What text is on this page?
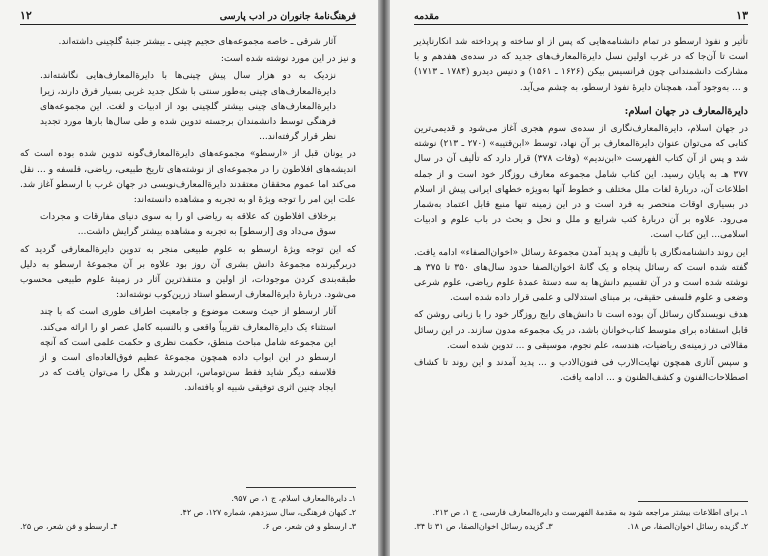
۱۲	فرهنگ‌نامهٔ جانوران در ادب پارسی

آثار شرقی ـ خاصه مجموعه‌های حجیم چینی ـ بیشتر جنبهٔ گلچینی داشته‌اند.

و نیز در این مورد نوشته شده است:

نزدیک به دو هزار سال پیش چینی‌ها با دایرةالمعارف‌هایی نگاشته‌اند. دایرةالمعارف‌های چینی به‌طور سنتی با شکل جدید غربی بسیار فرق دارند، زیرا دایرةالمعارف‌های چینی بیشتر گلچینی بود از ادبیات و لغت. این مجموعه‌های فرهنگی توسط دانشمندان برجسته تدوین شده و طی سال‌ها بارها مورد تجدید نظر قرار گرفته‌اند...

در یونان قبل از «ارسطو» مجموعه‌های دایرةالمعارف‌گونه تدوین شده بوده است که اندیشه‌های افلاطون را در مجموعه‌ای از نوشته‌های تاریخ طبیعی، ریاضی، فلسفه و ... نقل می‌کند اما عموم محققان معتقدند دایرةالمعارف‌نویسی در جهان غرب با ارسطو آغاز شد. علت این امر را توجه ویژهٔ او به تجربه و مشاهده دانسته‌اند:

برخلاف افلاطون که علاقه به ریاضی او را به سوی دنیای مفارقات و مجردات سوق می‌داد وی [ارسطو] به تجربه و مشاهده بیشتر گرایش داشت...

که این توجه ویژهٔ ارسطو به علوم طبیعی منجر به تدوین دایرةالمعارفی گردید که دربرگیرنده مجموعهٔ دانش بشری آن روز بود علاوه بر آن مجموعهٔ ارسطو به دلیل طبقه‌بندی کردن موجودات، از اولین و متنفذترین آثار در زمینهٔ علوم طبیعی محسوب می‌شود. دربارهٔ دایرةالمعارف ارسطو استاد زرین‌کوب نوشته‌اند:

آثار ارسطو از حیث وسعت موضوع و جامعیت اطراف طوری است که با چند استثناء یک دایرةالمعارف تقریباً واقعی و بالنسبه کامل عصر او را ارائه می‌کند. این مجموعه شامل مباحث منطق، حکمت نظری و حکمت علمی است که آنچه ارسطو در این ابواب داده همچون مجموعهٔ عظیم فوق‌العاده‌ای است و از فلاسفه دیگر شاید فقط سن‌توماس، ابن‌رشد و هگل را می‌توان یافت که در ایجاد چنین اثری توفیقی شبیه او یافته‌اند.

۱ـ دایرةالمعارف اسلام، ج ۱، ص ۹۵۷.
۲ـ کیهان فرهنگی، سال سیزدهم، شماره ۱۲۷، ص ۴۲.
۳ـ ارسطو و فن شعر، ص ۶.
۴ـ ارسطو و فن شعر، ص ۲۵.
مقدمه	۱۳

تأثیر و نفوذ ارسطو در تمام دانشنامه‌هایی که پس از او ساخته و پرداخته شد انکارناپذیر است تا آن‌جا که در غرب اولین نسل دایرةالمعارف‌های جدید که در سده‌ی هفدهم و با مشارکت دانشمندانی چون فرانسیس بیکن (۱۶۲۶ ـ ۱۵۶۱) و دنیس دیدرو (۱۷۸۴ ـ ۱۷۱۳) و ... به‌وجود آمد، همچنان دایرهٔ نفوذ ارسطو، به چشم می‌آید.

دایرةالمعارف در جهان اسلام:

در جهان اسلام، دایرةالمعارف‌نگاری از سده‌ی سوم هجری آغاز می‌شود و قدیمی‌ترین کتابی که می‌توان عنوان دایرةالمعارف بر آن نهاد، توسط «ابن‌قتیبه» (۲۷۰ ـ ۲۱۳) نوشته شد و پس از آن کتاب الفهرست «ابن‌ندیم» (وفات ۳۷۸) قرار دارد که تألیف آن در سال ۳۷۷ هـ به پایان رسید. این کتاب شامل مجموعه معارف روزگار خود است و از جمله اطلاعات آن، دربارهٔ لغات ملل مختلف و خطوط آنها به‌ویژه خطهای ایرانی پیش از اسلام در بسیاری اوقات منحصر به فرد است و در این زمینه تنها منبع قابل اعتماد به‌شمار می‌رود. علاوه بر آن دربارهٔ کتب شرایع و ملل و نحل و بحث در باب علوم و ادبیات اسلامی... این کتاب است.

این روند دانشنامه‌نگاری با تألیف و پدید آمدن مجموعهٔ رسائل «اخوان‌الصفاء» ادامه یافت. گفته شده است که رسائل پنجاه و یک گانهٔ اخوان‌الصفا حدود سال‌های ۳۵۰ تا ۳۷۵ هـ نوشته شده است و در آن تقسیم دانش‌ها به سه دستهٔ عمدهٔ علوم ریاضی، علوم شرعی وضعی و علوم فلسفی حقیقی، بر مبنای استدلالی و علمی قرار داده شده است.

هدف نویسندگان رسائل آن بوده است تا دانش‌های رایج روزگار خود را با زبانی روشن که قابل استفاده برای متوسط کتاب‌خوانان باشد، در یک مجموعه مدون سازند. در این رسائل مقالاتی در زمینه‌ی ریاضیات، هندسه، علم نجوم، موسیقی و ... تدوین شده است.

و سپس آثاری همچون نهایت‌الارب فی فنون‌الادب و ... پدید آمدند و این روند تا کشاف اصطلاحات‌الفنون و کشف‌الظنون و ... ادامه یافت.

۱ـ برای اطلاعات بیشتر مراجعه شود به مقدمهٔ الفهرست و دایرةالمعارف فارسی، ج ۱، ص ۲۱۳.
۲ـ گزیده رسائل اخوان‌الصفا، ص ۱۸.
۳ـ گزیده رسائل اخوان‌الصفا، ص ۳۱ تا ۳۴.
